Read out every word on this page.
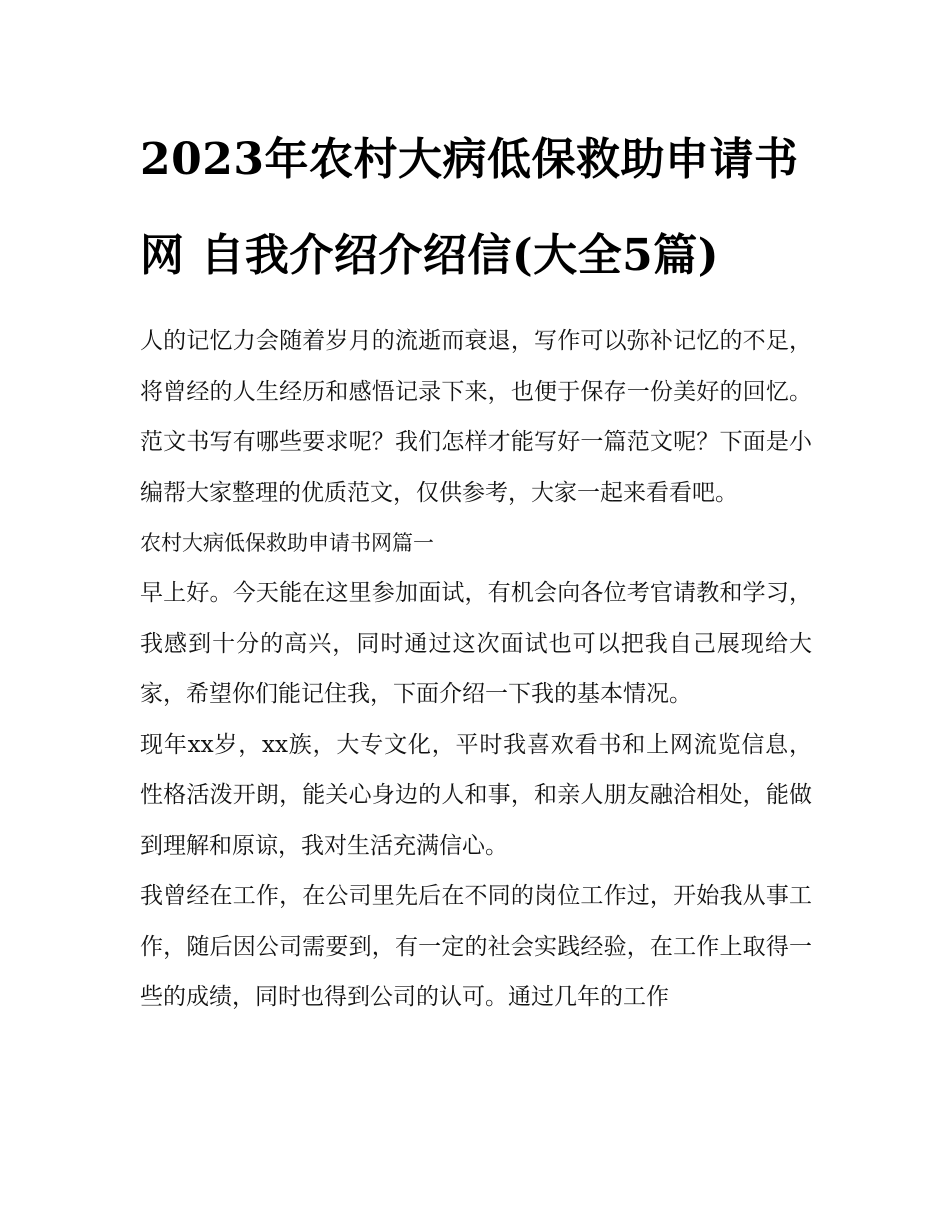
2023年农村大病低保救助申请书网 自我介绍介绍信(大全5篇)

人的记忆力会随着岁月的流逝而衰退，写作可以弥补记忆的不足，将曾经的人生经历和感悟记录下来，也便于保存一份美好的回忆。范文书写有哪些要求呢？我们怎样才能写好一篇范文呢？下面是小编帮大家整理的优质范文，仅供参考，大家一起来看看吧。

农村大病低保救助申请书网篇一

早上好。今天能在这里参加面试，有机会向各位考官请教和学习，我感到十分的高兴，同时通过这次面试也可以把我自己展现给大家，希望你们能记住我，下面介绍一下我的基本情况。

现年xx岁，xx族，大专文化，平时我喜欢看书和上网流览信息，性格活泼开朗，能关心身边的人和事，和亲人朋友融洽相处，能做到理解和原谅，我对生活充满信心。

我曾经在工作，在公司里先后在不同的岗位工作过，开始我从事工作，随后因公司需要到，有一定的社会实践经验，在工作上取得一些的成绩，同时也得到公司的认可。通过几年的工作
